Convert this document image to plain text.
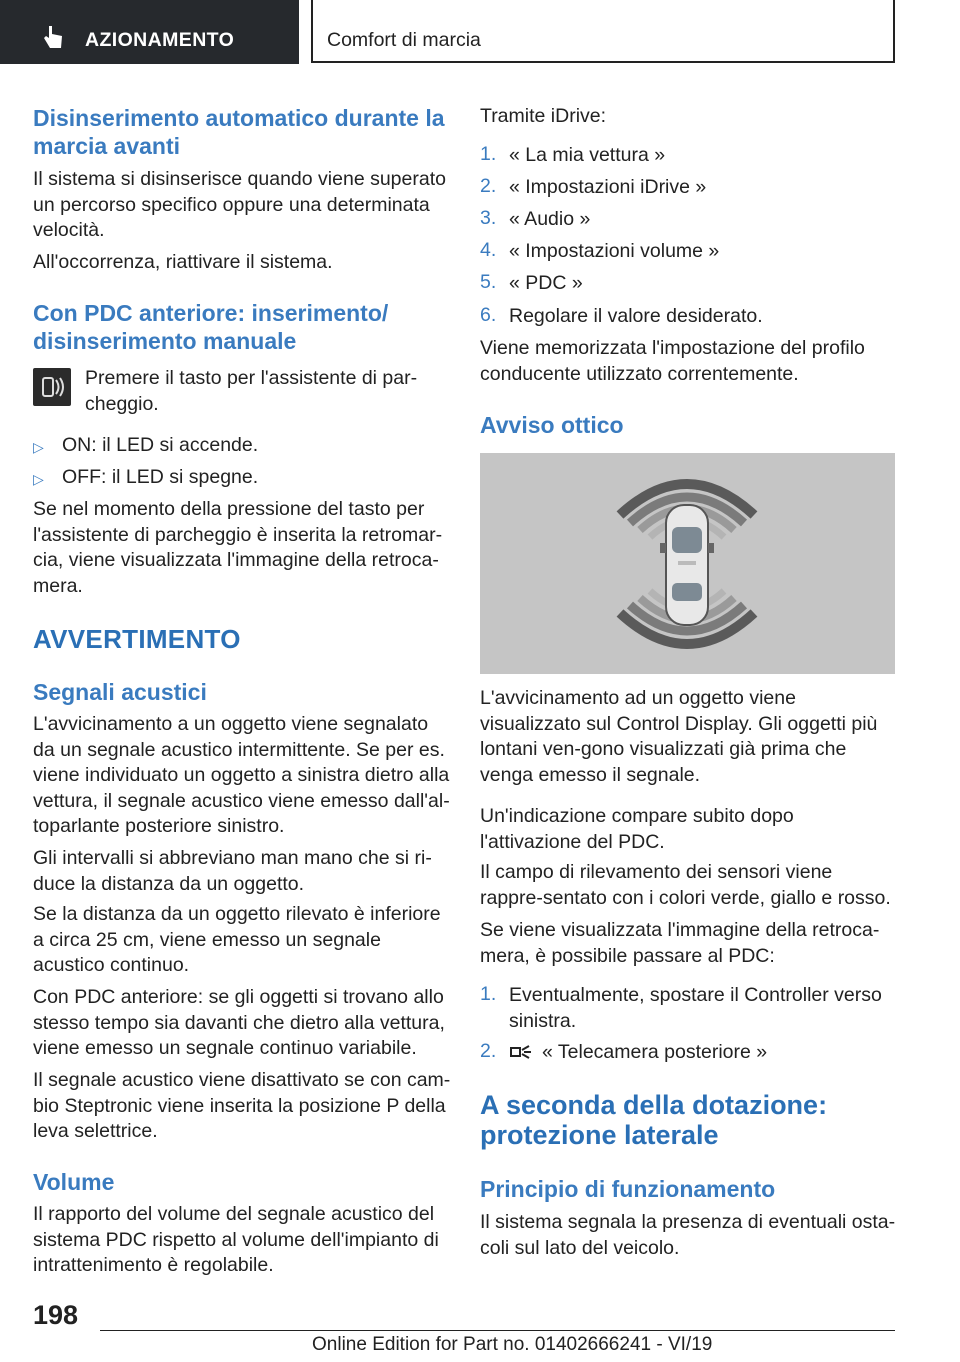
AZIONAMENTO	Comfort di marcia
Disinserimento automatico durante la marcia avanti
Il sistema si disinserisce quando viene superato un percorso specifico oppure una determinata velocità.
All'occorrenza, riattivare il sistema.
Con PDC anteriore: inserimento/ disinserimento manuale
Premere il tasto per l'assistente di par-cheggio.
▷ ON: il LED si accende.
▷ OFF: il LED si spegne.
Se nel momento della pressione del tasto per l'assistente di parcheggio è inserita la retromar-cia, viene visualizzata l'immagine della retroca-mera.
AVVERTIMENTO
Segnali acustici
L'avvicinamento a un oggetto viene segnalato da un segnale acustico intermittente. Se per es. viene individuato un oggetto a sinistra dietro alla vettura, il segnale acustico viene emesso dall'al-toparlante posteriore sinistro.
Gli intervalli si abbreviano man mano che si ri-duce la distanza da un oggetto.
Se la distanza da un oggetto rilevato è inferiore a circa 25 cm, viene emesso un segnale acustico continuo.
Con PDC anteriore: se gli oggetti si trovano allo stesso tempo sia davanti che dietro alla vettura, viene emesso un segnale continuo variabile.
Il segnale acustico viene disattivato se con cam-bio Steptronic viene inserita la posizione P della leva selettrice.
Volume
Il rapporto del volume del segnale acustico del sistema PDC rispetto al volume dell'impianto di intrattenimento è regolabile.
Tramite iDrive:
1. « La mia vettura »
2. « Impostazioni iDrive »
3. « Audio »
4. « Impostazioni volume »
5. « PDC »
6. Regolare il valore desiderato.
Viene memorizzata l'impostazione del profilo conducente utilizzato correntemente.
Avviso ottico
L'avvicinamento ad un oggetto viene visualizzato sul Control Display. Gli oggetti più lontani ven-gono visualizzati già prima che venga emesso il segnale.
Un'indicazione compare subito dopo l'attivazione del PDC.
Il campo di rilevamento dei sensori viene rappre-sentato con i colori verde, giallo e rosso.
Se viene visualizzata l'immagine della retroca-mera, è possibile passare al PDC:
1. Eventualmente, spostare il Controller verso sinistra.
2. « Telecamera posteriore »
A seconda della dotazione: protezione laterale
Principio di funzionamento
Il sistema segnala la presenza di eventuali osta-coli sul lato del veicolo.
198
Online Edition for Part no. 01402666241 - VI/19
